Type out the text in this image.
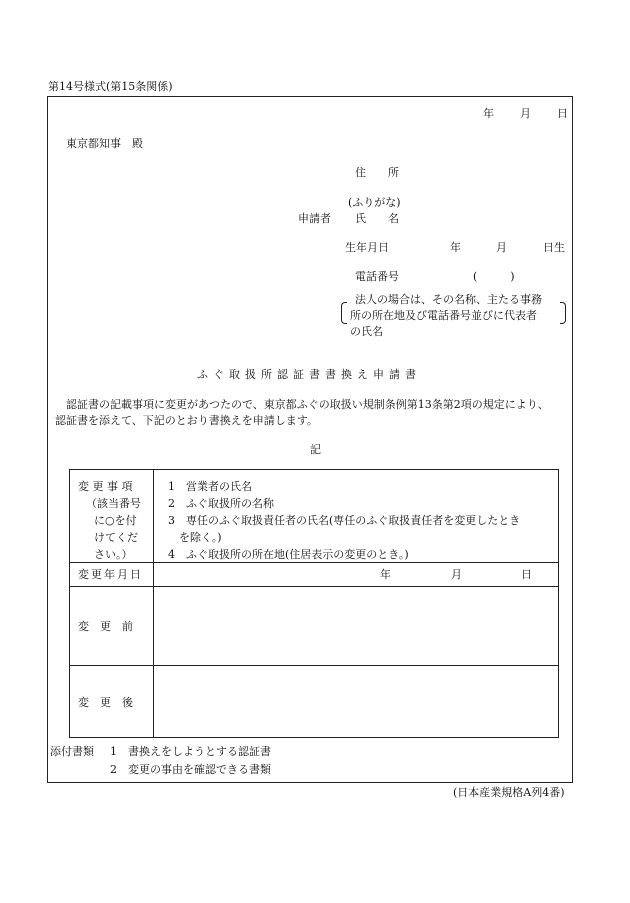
第14号様式(第15条関係)
年 月 日
東京都知事　殿
住　　所
(ふりがな)
申請者 氏　　名
生年月日	年	月	日生
電話番号	(　　　)
法人の場合は、その名称、主たる事務
所の所在地及び電話番号並びに代表者
の氏名
ふぐ取扱所認証書書換え申請書
認証書の記載事項に変更があつたので、東京都ふぐの取扱い規制条例第13条第2項の規定により、
認証書を添えて、下記のとおり書換えを申請します。
記
変 更 事 項
（該当番号
に○を付
けてくだ
さい。）
1　営業者の氏名
2　ふぐ取扱所の名称
3　専任のふぐ取扱責任者の氏名(専任のふぐ取扱責任者を変更したとき
　を除く。)
4　ふぐ取扱所の所在地(住居表示の変更のとき。)
変更年月日	年	月	日
変　更　前
変　更　後
添付書類 1　書換えをしようとする認証書
2　変更の事由を確認できる書類
(日本産業規格A列4番)
